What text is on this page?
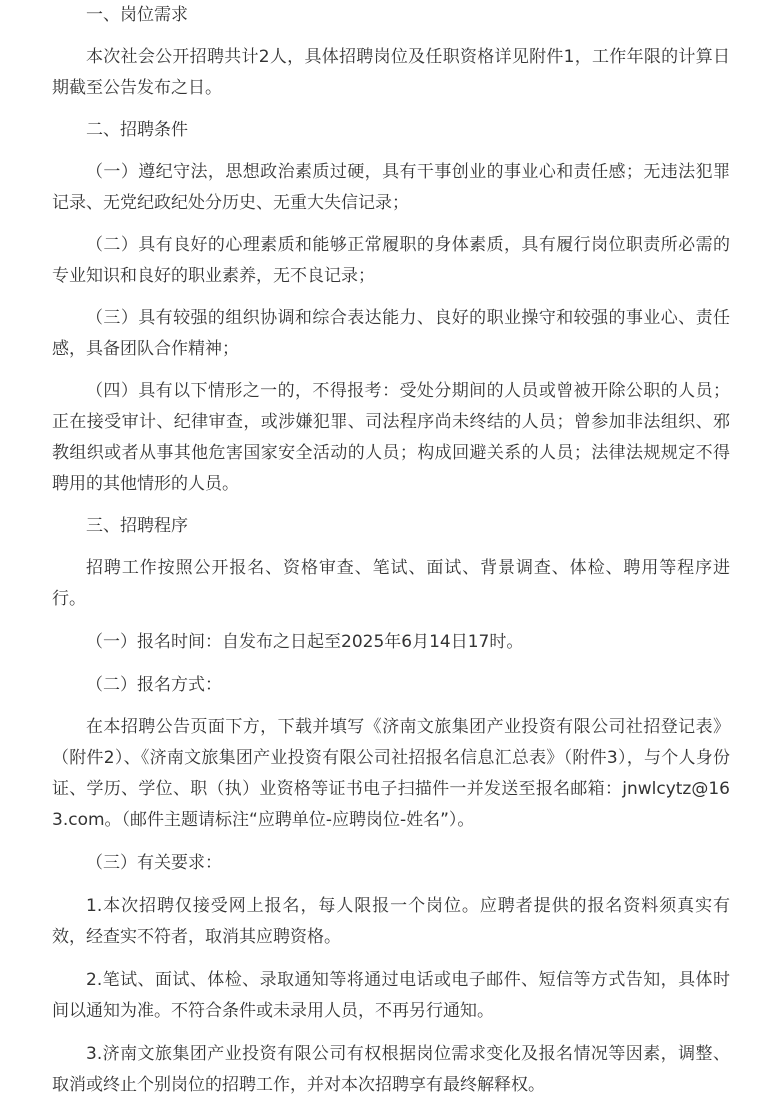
一、岗位需求

本次社会公开招聘共计2人，具体招聘岗位及任职资格详见附件1，工作年限的计算日期截至公告发布之日。

二、招聘条件

（一）遵纪守法，思想政治素质过硬，具有干事创业的事业心和责任感；无违法犯罪记录、无党纪政纪处分历史、无重大失信记录；

（二）具有良好的心理素质和能够正常履职的身体素质，具有履行岗位职责所必需的专业知识和良好的职业素养，无不良记录；

（三）具有较强的组织协调和综合表达能力、良好的职业操守和较强的事业心、责任感，具备团队合作精神；

（四）具有以下情形之一的，不得报考：受处分期间的人员或曾被开除公职的人员；正在接受审计、纪律审查，或涉嫌犯罪、司法程序尚未终结的人员；曾参加非法组织、邪教组织或者从事其他危害国家安全活动的人员；构成回避关系的人员；法律法规规定不得聘用的其他情形的人员。

三、招聘程序

招聘工作按照公开报名、资格审查、笔试、面试、背景调查、体检、聘用等程序进行。

（一）报名时间：自发布之日起至2025年6月14日17时。

（二）报名方式：

在本招聘公告页面下方，下载并填写《济南文旅集团产业投资有限公司社招登记表》（附件2）、《济南文旅集团产业投资有限公司社招报名信息汇总表》（附件3），与个人身份证、学历、学位、职（执）业资格等证书电子扫描件一并发送至报名邮箱：jnwlcytz@163.com。（邮件主题请标注“应聘单位-应聘岗位-姓名”）。

（三）有关要求：

1.本次招聘仅接受网上报名，每人限报一个岗位。应聘者提供的报名资料须真实有效，经查实不符者，取消其应聘资格。

2.笔试、面试、体检、录取通知等将通过电话或电子邮件、短信等方式告知，具体时间以通知为准。不符合条件或未录用人员，不再另行通知。

3.济南文旅集团产业投资有限公司有权根据岗位需求变化及报名情况等因素，调整、取消或终止个别岗位的招聘工作，并对本次招聘享有最终解释权。
